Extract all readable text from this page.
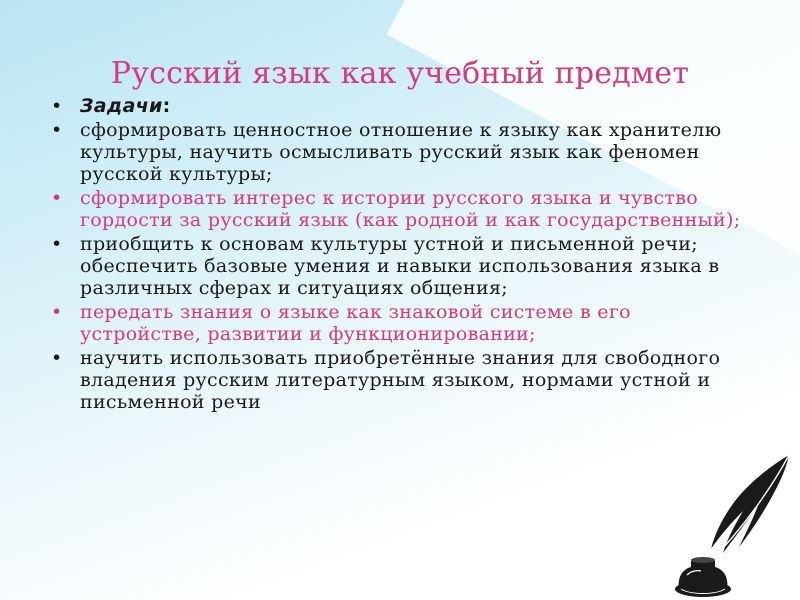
Русский язык как учебный предмет
• Задачи:
• сформировать ценностное отношение к языку как хранителю культуры, научить осмысливать русский язык как феномен русской культуры;
• сформировать интерес к истории русского языка и чувство гордости за русский язык (как родной и как государственный);
• приобщить к основам культуры устной и письменной речи; обеспечить базовые умения и навыки использования языка в различных сферах и ситуациях общения;
• передать знания о языке как знаковой системе в его устройстве, развитии и функционировании;
• научить использовать приобретённые знания для свободного владения русским литературным языком, нормами устной и письменной речи
